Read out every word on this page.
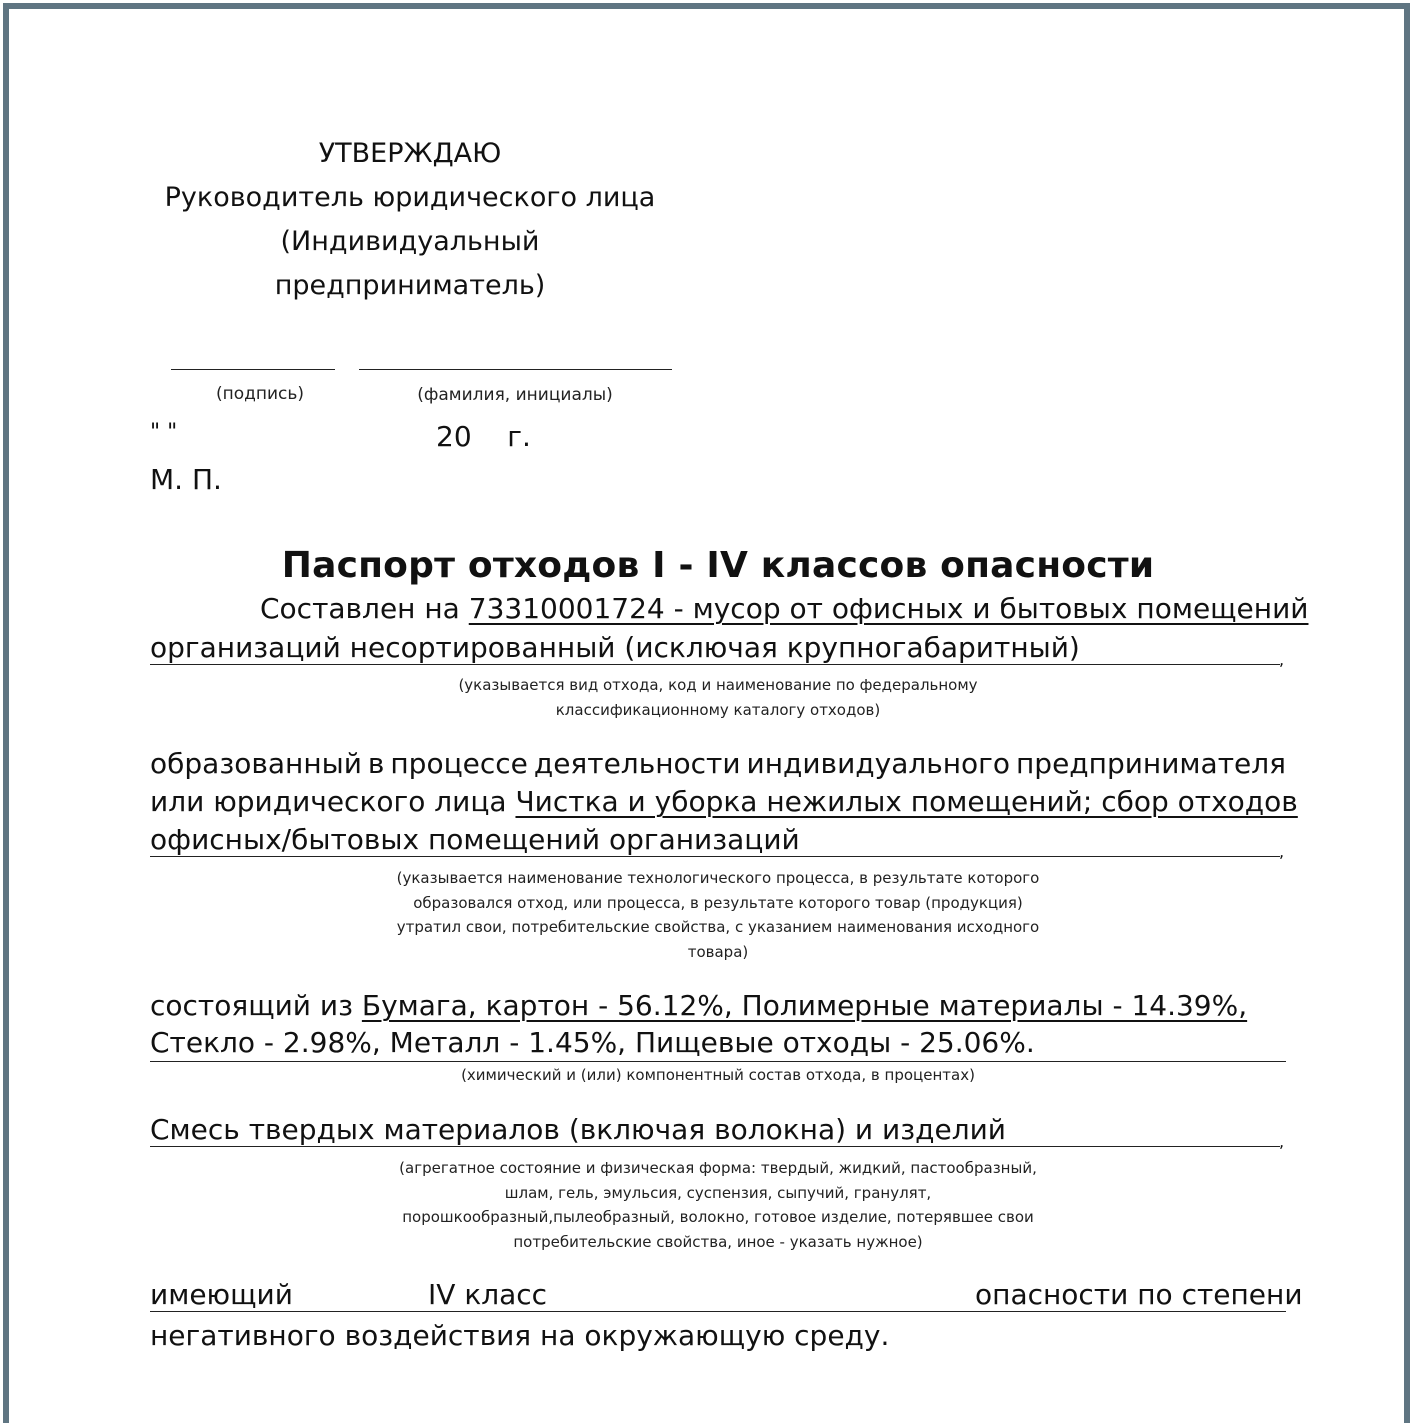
УТВЕРЖДАЮ
Руководитель юридического лица
(Индивидуальный
предприниматель)
(подпись)	(фамилия, инициалы)
" "	20    г.
М. П.
Паспорт отходов I - IV классов опасности
Составлен на 73310001724 - мусор от офисных и бытовых помещений
организаций несортированный (исключая крупногабаритный)	,
(указывается вид отхода, код и наименование по федеральному
классификационному каталогу отходов)
образованный в процессе деятельности индивидуального предпринимателя
или юридического лица Чистка и уборка нежилых помещений; сбор отходов
офисных/бытовых помещений организаций	,
(указывается наименование технологического процесса, в результате которого
образовался отход, или процесса, в результате которого товар (продукция)
утратил свои, потребительские свойства, с указанием наименования исходного
товара)
состоящий из Бумага, картон - 56.12%, Полимерные материалы - 14.39%,
Стекло - 2.98%, Металл - 1.45%, Пищевые отходы - 25.06%.
(химический и (или) компонентный состав отхода, в процентах)
Смесь твердых материалов (включая волокна) и изделий	,
(агрегатное состояние и физическая форма: твердый, жидкий, пастообразный,
шлам, гель, эмульсия, суспензия, сыпучий, гранулят,
порошкообразный,пылеобразный, волокно, готовое изделие, потерявшее свои
потребительские свойства, иное - указать нужное)
имеющий	IV класс	опасности по степени
негативного воздействия на окружающую среду.
